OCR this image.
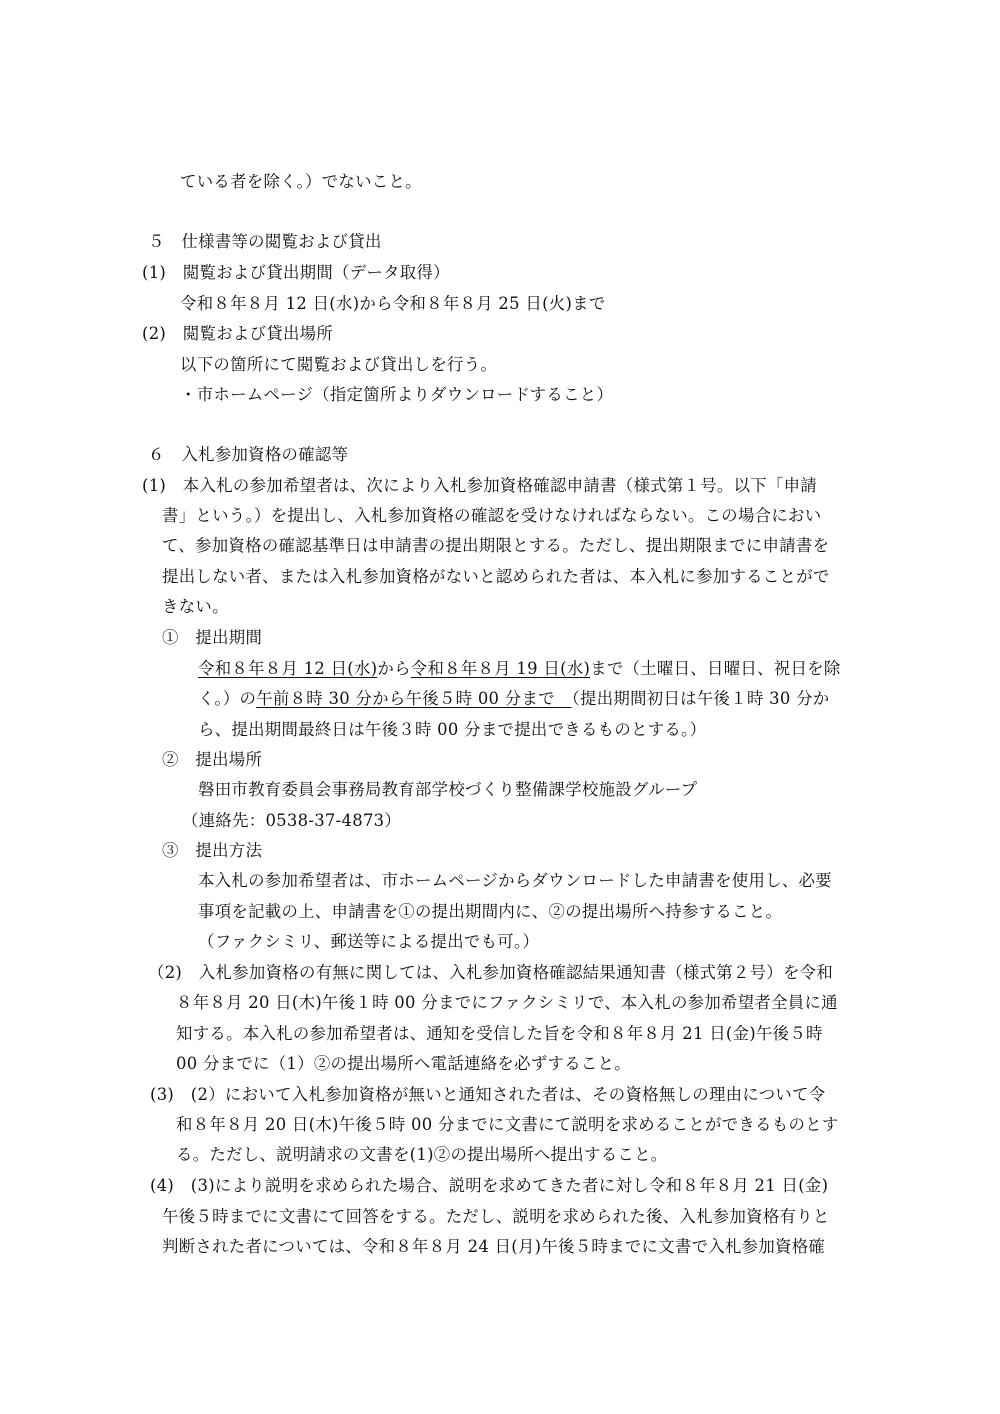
ている者を除く。）でないこと。
５　仕様書等の閲覧および貸出
(1)　閲覧および貸出期間（データ取得）
令和８年８月 12 日(水)から令和８年８月 25 日(火)まで
(2)　閲覧および貸出場所
以下の箇所にて閲覧および貸出しを行う。
・市ホームページ（指定箇所よりダウンロードすること）
６　入札参加資格の確認等
(1)　本入札の参加希望者は、次により入札参加資格確認申請書（様式第１号。以下「申請
書」という。）を提出し、入札参加資格の確認を受けなければならない。この場合におい
て、参加資格の確認基準日は申請書の提出期限とする。ただし、提出期限までに申請書を
提出しない者、または入札参加資格がないと認められた者は、本入札に参加することがで
きない。
①　提出期間
令和８年８月 12 日(水)から令和８年８月 19 日(水)まで（土曜日、日曜日、祝日を除
く。）の午前８時 30 分から午後５時 00 分まで　（提出期間初日は午後１時 30 分か
ら、提出期間最終日は午後３時 00 分まで提出できるものとする。）
②　提出場所
磐田市教育委員会事務局教育部学校づくり整備課学校施設グループ
（連絡先：0538‐37‐4873）
③　提出方法
本入札の参加希望者は、市ホームページからダウンロードした申請書を使用し、必要
事項を記載の上、申請書を①の提出期間内に、②の提出場所へ持参すること。
（ファクシミリ、郵送等による提出でも可。）
（2)　入札参加資格の有無に関しては、入札参加資格確認結果通知書（様式第２号）を令和
８年８月 20 日(木)午後１時 00 分までにファクシミリで、本入札の参加希望者全員に通
知する。本入札の参加希望者は、通知を受信した旨を令和８年８月 21 日(金)午後５時
00 分までに（1）②の提出場所へ電話連絡を必ずすること。
(3)　(2）において入札参加資格が無いと通知された者は、その資格無しの理由について令
和８年８月 20 日(木)午後５時 00 分までに文書にて説明を求めることができるものとす
る。ただし、説明請求の文書を(1)②の提出場所へ提出すること。
(4)　(3)により説明を求められた場合、説明を求めてきた者に対し令和８年８月 21 日(金)
午後５時までに文書にて回答をする。ただし、説明を求められた後、入札参加資格有りと
判断された者については、令和８年８月 24 日(月)午後５時までに文書で入札参加資格確
